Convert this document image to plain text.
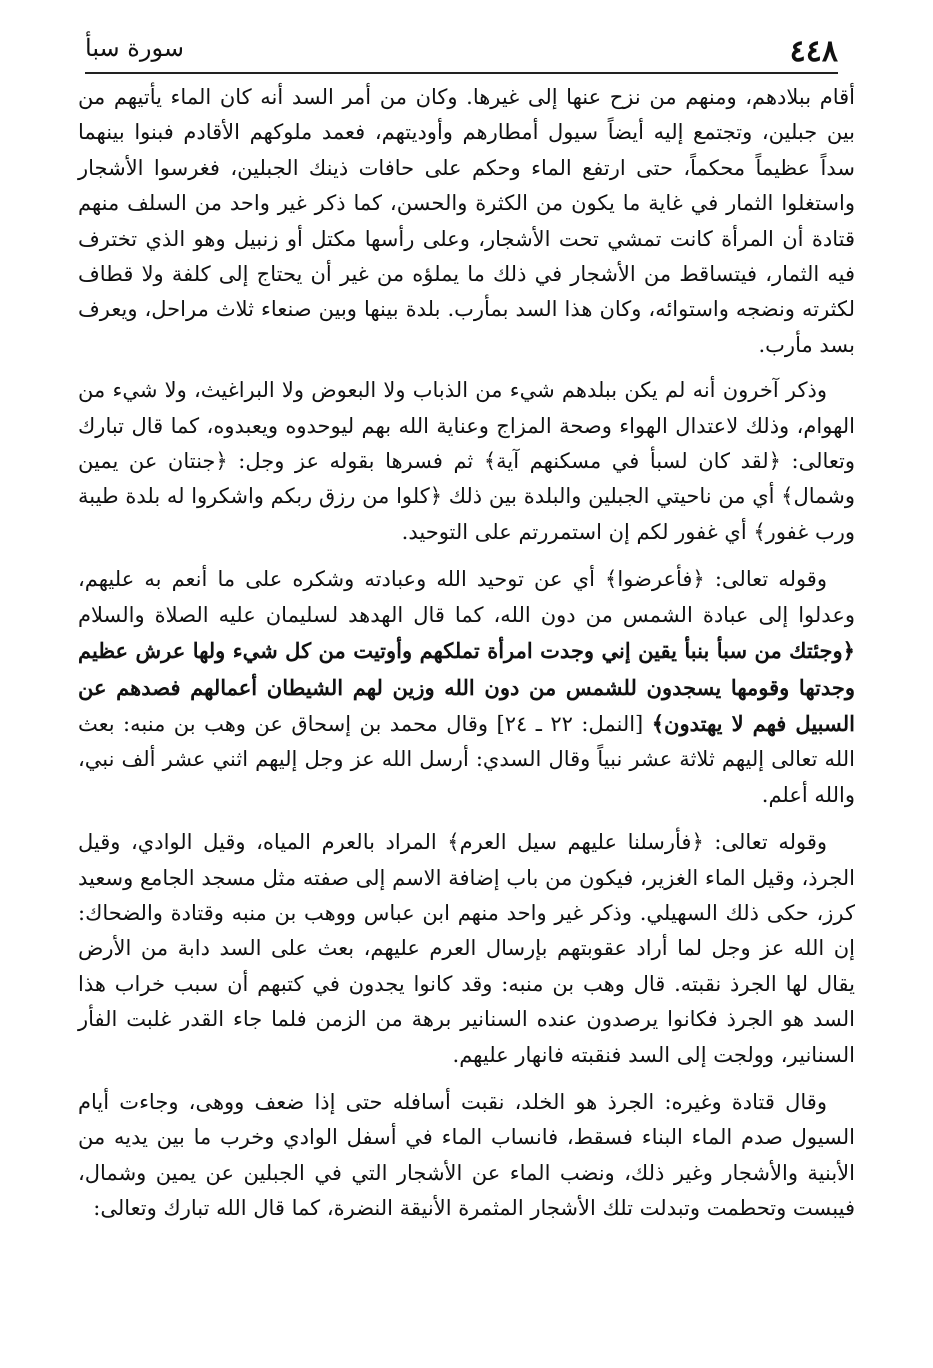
٤٤٨
سورة سبأ

أقام ببلادهم، ومنهم من نزح عنها إلى غيرها. وكان من أمر السد أنه كان الماء يأتيهم من بين جبلين، وتجتمع إليه أيضاً سيول أمطارهم وأوديتهم، فعمد ملوكهم الأقادم فبنوا بينهما سداً عظيماً محكماً، حتى ارتفع الماء وحكم على حافات ذينك الجبلين، فغرسوا الأشجار واستغلوا الثمار في غاية ما يكون من الكثرة والحسن، كما ذكر غير واحد من السلف منهم قتادة أن المرأة كانت تمشي تحت الأشجار، وعلى رأسها مكتل أو زنبيل وهو الذي تخترف فيه الثمار، فيتساقط من الأشجار في ذلك ما يملؤه من غير أن يحتاج إلى كلفة ولا قطاف لكثرته ونضجه واستوائه، وكان هذا السد بمأرب. بلدة بينها وبين صنعاء ثلاث مراحل، ويعرف بسد مأرب.

وذكر آخرون أنه لم يكن ببلدهم شيء من الذباب ولا البعوض ولا البراغيث، ولا شيء من الهوام، وذلك لاعتدال الهواء وصحة المزاج وعناية الله بهم ليوحدوه ويعبدوه، كما قال تبارك وتعالى: ﴿لقد كان لسبأ في مسكنهم آية﴾ ثم فسرها بقوله عز وجل: ﴿جنتان عن يمين وشمال﴾ أي من ناحيتي الجبلين والبلدة بين ذلك ﴿كلوا من رزق ربكم واشكروا له بلدة طيبة ورب غفور﴾ أي غفور لكم إن استمررتم على التوحيد.

وقوله تعالى: ﴿فأعرضوا﴾ أي عن توحيد الله وعبادته وشكره على ما أنعم به عليهم، وعدلوا إلى عبادة الشمس من دون الله، كما قال الهدهد لسليمان عليه الصلاة والسلام ﴿وجئتك من سبأ بنبأ يقين إني وجدت امرأة تملكهم وأوتيت من كل شيء ولها عرش عظيم وجدتها وقومها يسجدون للشمس من دون الله وزين لهم الشيطان أعمالهم فصدهم عن السبيل فهم لا يهتدون﴾ [النمل: ٢٢ ـ ٢٤] وقال محمد بن إسحاق عن وهب بن منبه: بعث الله تعالى إليهم ثلاثة عشر نبياً وقال السدي: أرسل الله عز وجل إليهم اثني عشر ألف نبي، والله أعلم.

وقوله تعالى: ﴿فأرسلنا عليهم سيل العرم﴾ المراد بالعرم المياه، وقيل الوادي، وقيل الجرذ، وقيل الماء الغزير، فيكون من باب إضافة الاسم إلى صفته مثل مسجد الجامع وسعيد كرز، حكى ذلك السهيلي. وذكر غير واحد منهم ابن عباس ووهب بن منبه وقتادة والضحاك: إن الله عز وجل لما أراد عقوبتهم بإرسال العرم عليهم، بعث على السد دابة من الأرض يقال لها الجرذ نقبته. قال وهب بن منبه: وقد كانوا يجدون في كتبهم أن سبب خراب هذا السد هو الجرذ فكانوا يرصدون عنده السنانير برهة من الزمن فلما جاء القدر غلبت الفأر السنانير، وولجت إلى السد فنقبته فانهار عليهم.

وقال قتادة وغيره: الجرذ هو الخلد، نقبت أسافله حتى إذا ضعف ووهى، وجاءت أيام السيول صدم الماء البناء فسقط، فانساب الماء في أسفل الوادي وخرب ما بين يديه من الأبنية والأشجار وغير ذلك، ونضب الماء عن الأشجار التي في الجبلين عن يمين وشمال، فيبست وتحطمت وتبدلت تلك الأشجار المثمرة الأنيقة النضرة، كما قال الله تبارك وتعالى:
